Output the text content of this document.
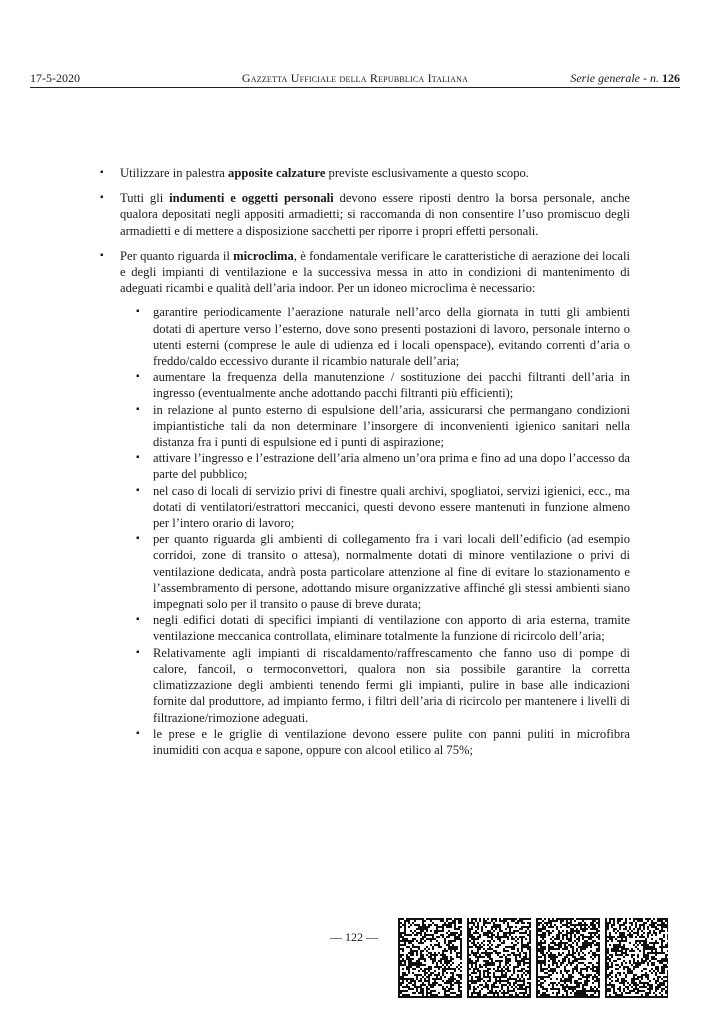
17-5-2020	Gazzetta Ufficiale della Repubblica Italiana	Serie generale - n. 126
▪ Utilizzare in palestra apposite calzature previste esclusivamente a questo scopo.
▪ Tutti gli indumenti e oggetti personali devono essere riposti dentro la borsa personale, anche qualora depositati negli appositi armadietti; si raccomanda di non consentire l’uso promiscuo degli armadietti e di mettere a disposizione sacchetti per riporre i propri effetti personali.
▪ Per quanto riguarda il microclima, è fondamentale verificare le caratteristiche di aerazione dei locali e degli impianti di ventilazione e la successiva messa in atto in condizioni di mantenimento di adeguati ricambi e qualità dell’aria indoor. Per un idoneo microclima è necessario:
▪ garantire periodicamente l’aerazione naturale nell’arco della giornata in tutti gli ambienti dotati di aperture verso l’esterno, dove sono presenti postazioni di lavoro, personale interno o utenti esterni (comprese le aule di udienza ed i locali openspace), evitando correnti d’aria o freddo/caldo eccessivo durante il ricambio naturale dell’aria;
▪ aumentare la frequenza della manutenzione / sostituzione dei pacchi filtranti dell’aria in ingresso (eventualmente anche adottando pacchi filtranti più efficienti);
▪ in relazione al punto esterno di espulsione dell’aria, assicurarsi che permangano condizioni impiantistiche tali da non determinare l’insorgere di inconvenienti igienico sanitari nella distanza fra i punti di espulsione ed i punti di aspirazione;
▪ attivare l’ingresso e l’estrazione dell’aria almeno un’ora prima e fino ad una dopo l’accesso da parte del pubblico;
▪ nel caso di locali di servizio privi di finestre quali archivi, spogliatoi, servizi igienici, ecc., ma dotati di ventilatori/estrattori meccanici, questi devono essere mantenuti in funzione almeno per l’intero orario di lavoro;
▪ per quanto riguarda gli ambienti di collegamento fra i vari locali dell’edificio (ad esempio corridoi, zone di transito o attesa), normalmente dotati di minore ventilazione o privi di ventilazione dedicata, andrà posta particolare attenzione al fine di evitare lo stazionamento e l’assembramento di persone, adottando misure organizzative affinché gli stessi ambienti siano impegnati solo per il transito o pause di breve durata;
▪ negli edifici dotati di specifici impianti di ventilazione con apporto di aria esterna, tramite ventilazione meccanica controllata, eliminare totalmente la funzione di ricircolo dell’aria;
▪ Relativamente agli impianti di riscaldamento/raffrescamento che fanno uso di pompe di calore, fancoil, o termoconvettori, qualora non sia possibile garantire la corretta climatizzazione degli ambienti tenendo fermi gli impianti, pulire in base alle indicazioni fornite dal produttore, ad impianto fermo, i filtri dell’aria di ricircolo per mantenere i livelli di filtrazione/rimozione adeguati.
▪ le prese e le griglie di ventilazione devono essere pulite con panni puliti in microfibra inumiditi con acqua e sapone, oppure con alcool etilico al 75%;
— 122 —
